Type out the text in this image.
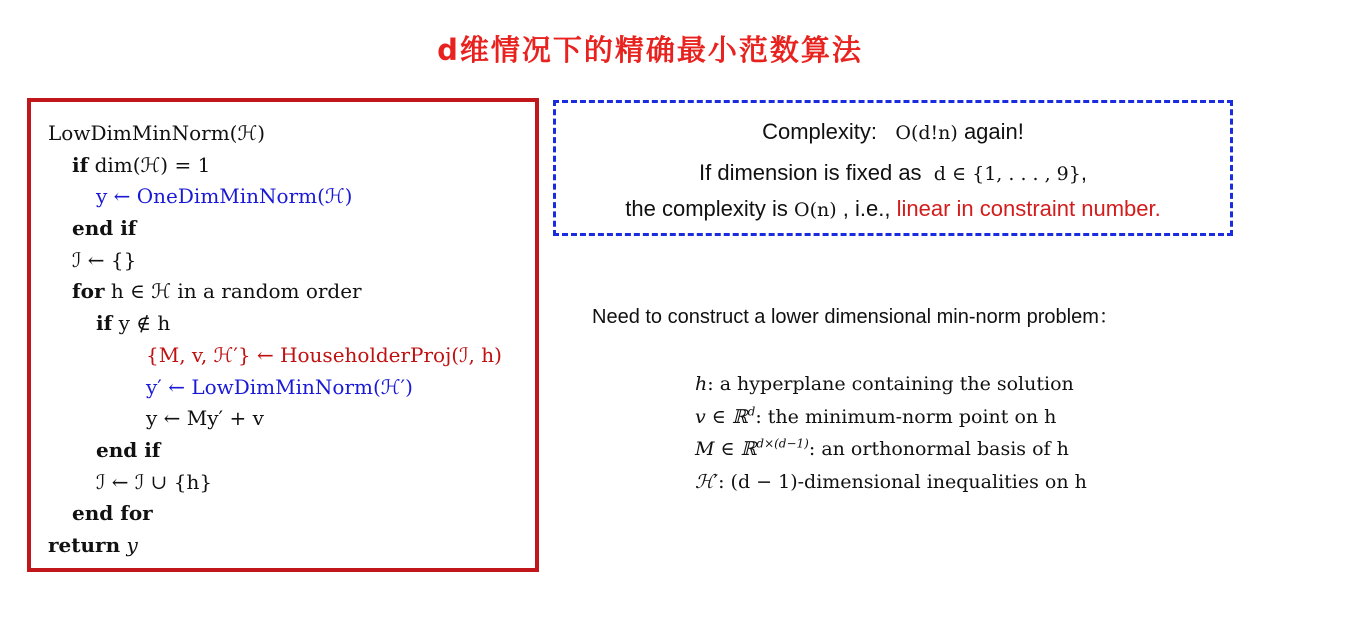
d维情况下的精确最小范数算法
LowDimMinNorm(ℋ)
if dim(ℋ) = 1
y ← OneDimMinNorm(ℋ)
end if
ℐ ← {}
for h ∈ ℋ in a random order
if y ∉ h
{M, v, ℋ′} ← HouseholderProj(ℐ, h)
y′ ← LowDimMinNorm(ℋ′)
y ← My′ + v
end if
ℐ ← ℐ ∪ {h}
end for
return y
Complexity: O(d!n) again!
If dimension is fixed as d ∈ {1, . . . , 9},
the complexity is O(n) , i.e., linear in constraint number.
Need to construct a lower dimensional min-norm problem：
h: a hyperplane containing the solution
v ∈ ℝ$^d$: the minimum-norm point on h
M ∈ ℝ$^{d\times(d-1)}$: an orthonormal basis of h
ℋ′: (d − 1)-dimensional inequalities on h
